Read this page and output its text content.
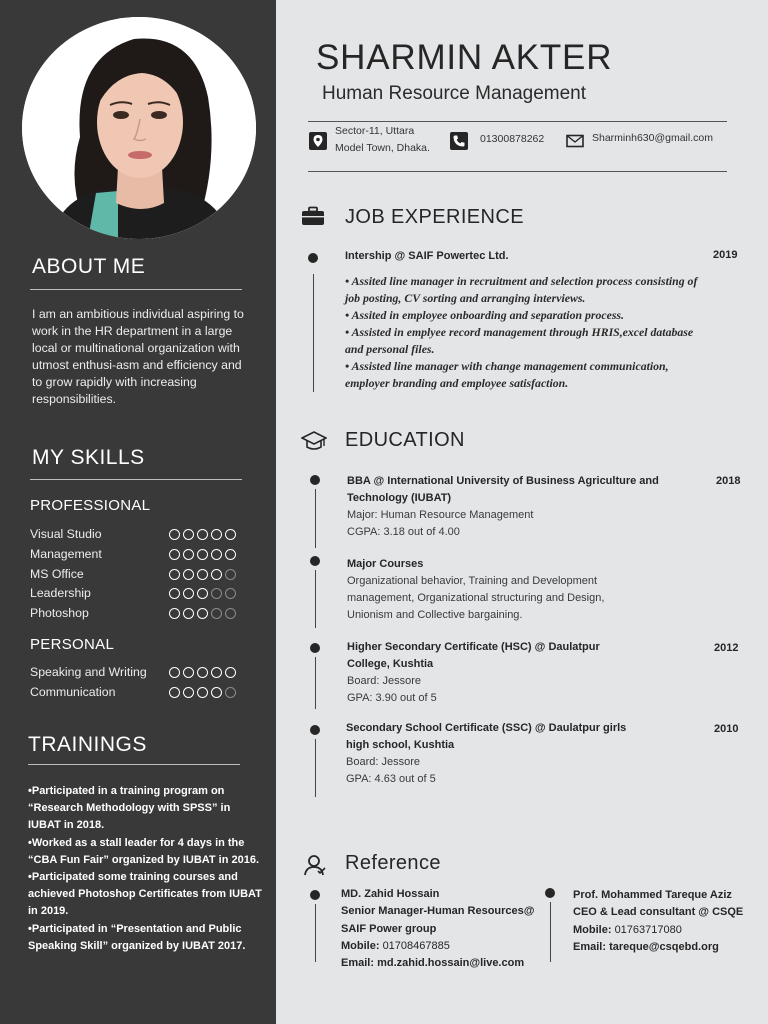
ABOUT ME
I am an ambitious individual aspiring to work in the HR department in a large local or multinational organization with utmost enthusi-asm and efficiency and to grow rapidly with increasing responsibilities.
MY SKILLS
PROFESSIONAL
Visual Studio
Management
MS Office
Leadership
Photoshop
PERSONAL
Speaking and Writing
Communication
TRAININGS
•Participated in a training program on “Research Methodology with SPSS” in IUBAT in 2018.
•Worked as a stall leader for 4 days in the “CBA Fun Fair” organized by IUBAT in 2016.
•Participated some training courses and achieved Photoshop Certificates from IUBAT in 2019.
•Participated in “Presentation and Public Speaking Skill” organized by IUBAT 2017.
SHARMIN AKTER
Human Resource Management
Sector-11, Uttara
Model Town, Dhaka.
01300878262	Sharminh630@gmail.com
JOB EXPERIENCE
Intership @ SAIF Powertec Ltd.	2019
• Assited line manager in recruitment and selection process consisting of job posting, CV sorting and arranging interviews.
• Assited in employee onboarding and separation process.
• Assisted in emplyee record management through HRIS,excel database and personal files.
• Assisted line manager with change management communication, employer branding and employee satisfaction.
EDUCATION
BBA @ International University of Business Agriculture and Technology (IUBAT)
2018
Major: Human Resource Management
CGPA: 3.18 out of 4.00
Major Courses
Organizational behavior, Training and Development management, Organizational structuring and Design, Unionism and Collective bargaining.
Higher Secondary Certificate (HSC) @ Daulatpur College, Kushtia
2012
Board: Jessore
GPA: 3.90 out of 5
Secondary School Certificate (SSC) @ Daulatpur girls high school, Kushtia
2010
Board: Jessore
GPA: 4.63 out of 5
Reference
MD. Zahid Hossain
Senior Manager-Human Resources@ SAIF Power group
Mobile: 01708467885
Email: md.zahid.hossain@live.com
Prof. Mohammed Tareque Aziz
CEO & Lead consultant @ CSQE
Mobile: 01763717080
Email: tareque@csqebd.org
